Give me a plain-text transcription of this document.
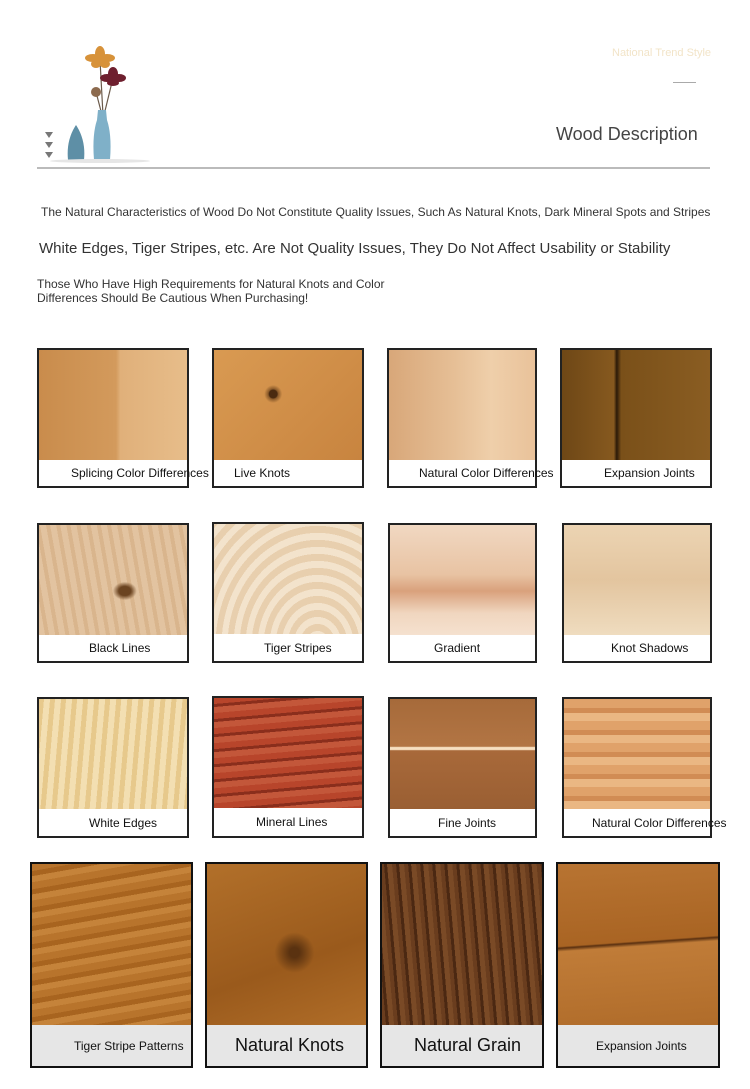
National Trend Style
Wood Description
The Natural Characteristics of Wood Do Not Constitute Quality Issues, Such As Natural Knots, Dark Mineral Spots and Stripes
White Edges, Tiger Stripes, etc. Are Not Quality Issues, They Do Not Affect Usability or Stability
Those Who Have High Requirements for Natural Knots and Color Differences Should Be Cautious When Purchasing!
Splicing Color Differences	Live Knots	Natural Color Differences	Expansion Joints
Black Lines	Tiger Stripes	Gradient	Knot Shadows
White Edges	Mineral Lines	Fine Joints	Natural Color Differences
Tiger Stripe Patterns	Natural Knots	Natural Grain	Expansion Joints
